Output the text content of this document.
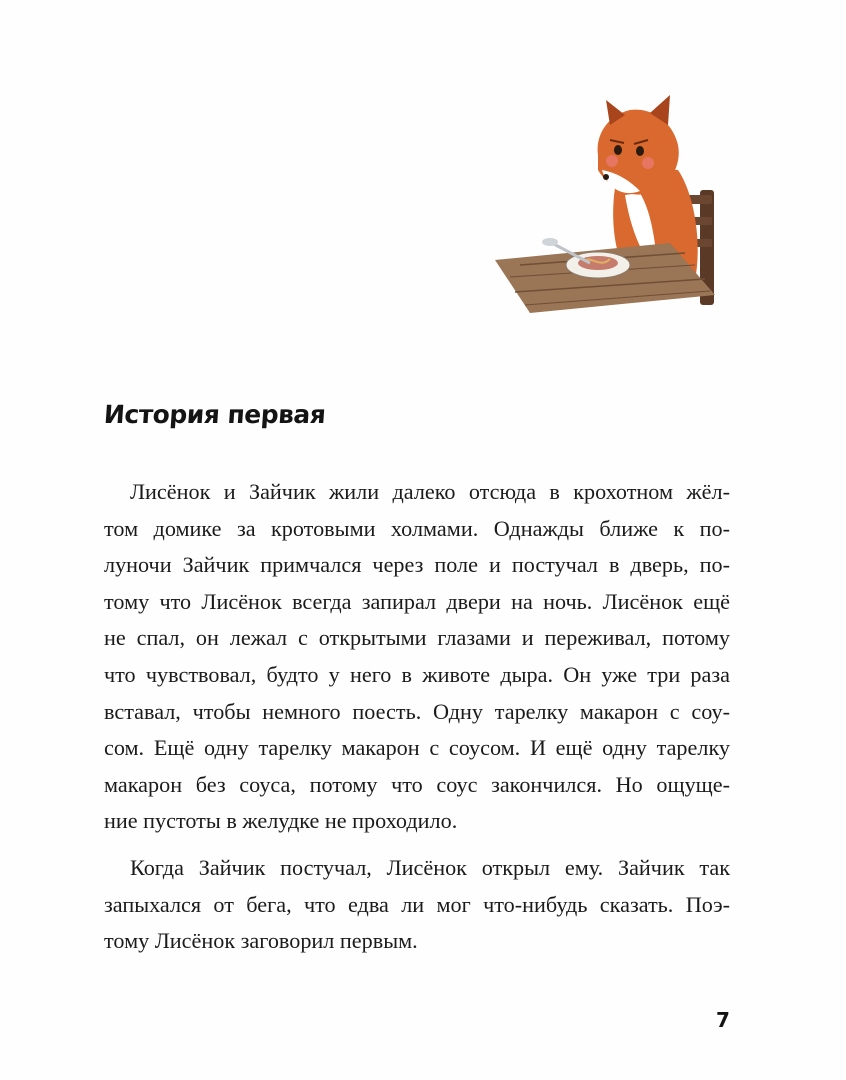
История первая
Лисёнок и Зайчик жили далеко отсюда в крохотном жёл-
том домике за кротовыми холмами. Однажды ближе к по-
луночи Зайчик примчался через поле и постучал в дверь, по-
тому что Лисёнок всегда запирал двери на ночь. Лисёнок ещё
не спал, он лежал с открытыми глазами и переживал, потому
что чувствовал, будто у него в животе дыра. Он уже три раза
вставал, чтобы немного поесть. Одну тарелку макарон с соу-
сом. Ещё одну тарелку макарон с соусом. И ещё одну тарелку
макарон без соуса, потому что соус закончился. Но ощуще-
ние пустоты в желудке не проходило.
Когда Зайчик постучал, Лисёнок открыл ему. Зайчик так
запыхался от бега, что едва ли мог что-нибудь сказать. Поэ-
тому Лисёнок заговорил первым.
7
